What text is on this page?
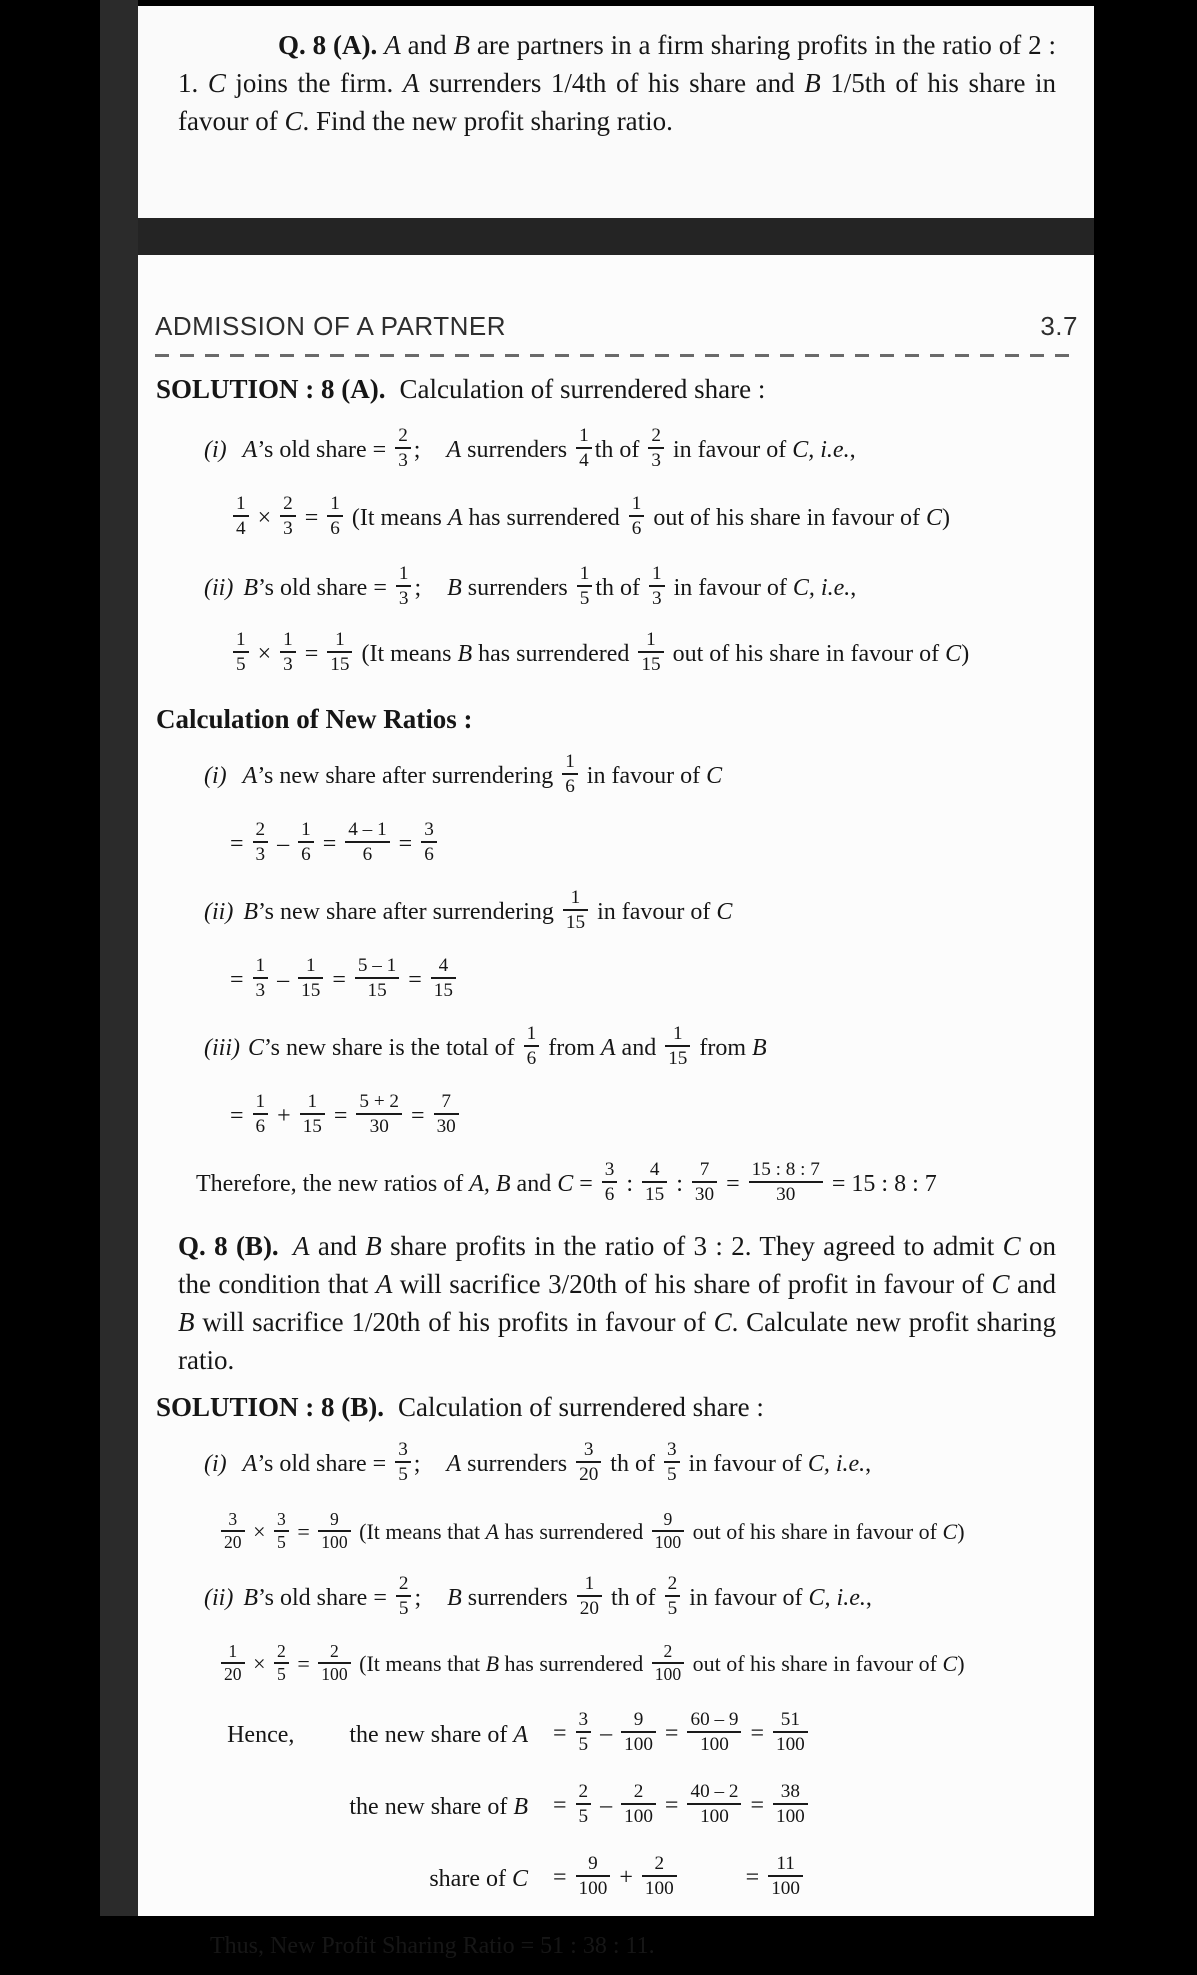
Q. 8 (A). A and B are partners in a firm sharing profits in the ratio of 2 : 1. C joins the firm. A surrenders 1/4th of his share and B 1/5th of his share in favour of C. Find the new profit sharing ratio.
ADMISSION OF A PARTNER	3.7
SOLUTION : 8 (A). Calculation of surrendered share :
(i) A’s old share = $\frac{2}{3}$ ; A surrenders $\frac{1}{4}$ th of $\frac{2}{3}$ in favour of C, i.e.,
$\frac{1}{4} \times \frac{2}{3} = \frac{1}{6} (It$ means A has surrendered $\frac{1}{6}$ out of his share in favour of C)
(ii) B’s old share = $\frac{1}{3}$ ; B surrenders $\frac{1}{5}$ th of $\frac{1}{3}$ in favour of C, i.e.,
$\frac{1}{5} \times \frac{1}{3} = \frac{1}{15} (It$ means B has surrendered $\frac{1}{15}$ out of his share in favour of C)
Calculation of New Ratios :
(i) A’s new share after surrendering $\frac{1}{6}$ in favour of C
= $\frac{2}{3} - \frac{1}{6} = \frac{4 - 1}{6} = \frac{3}{6}$
(ii) B’s new share after surrendering $\frac{1}{15}$ in favour of C
= $\frac{1}{3} - \frac{1}{15} = \frac{5 - 1}{15} = \frac{4}{15}$
(iii) C’s new share is the total of $\frac{1}{6}$ from A and $\frac{1}{15}$ from B
= $\frac{1}{6} + \frac{1}{15} = \frac{5 + 2}{30} = \frac{7}{30}$
Therefore, the new ratios of A, B and $C = \frac{3}{6}$ : $\frac{4}{15}$ : $\frac{7}{30} = \frac{15 : 8 : 7}{30} = 15$ : 8 : 7
Q. 8 (B). A and B share profits in the ratio of 3 : 2. They agreed to admit C on the condition that A will sacrifice 3/20th of his share of profit in favour of C and B will sacrifice 1/20th of his profits in favour of C. Calculate new profit sharing ratio.
SOLUTION : 8 (B). Calculation of surrendered share :
(i) A’s old share = $\frac{3}{5}$ ; A surrenders $\frac{3}{20}$ th of $\frac{3}{5}$ in favour of C, i.e.,
$\frac{3}{20} \times \frac{3}{5} = \frac{9}{100} (It$ means that A has surrendered $\frac{9}{100}$ out of his share in favour of C)
(ii) B’s old share = $\frac{2}{5}$ ; B surrenders $\frac{1}{20}$ th of $\frac{2}{5}$ in favour of C, i.e.,
$\frac{1}{20} \times \frac{2}{5} = \frac{2}{100} (It$ means that B has surrendered $\frac{2}{100}$ out of his share in favour of C)
Hence, the new share of $A = \frac{3}{5} - \frac{9}{100} = \frac{60 - 9}{100} = \frac{51}{100}$
the new share of $B = \frac{2}{5} - \frac{2}{100} = \frac{40 - 2}{100} = \frac{38}{100}$
share of $C = \frac{9}{100} + \frac{2}{100}$	= $\frac{11}{100}$
Thus, New Profit Sharing Ratio = 51 : 38 : 11.
